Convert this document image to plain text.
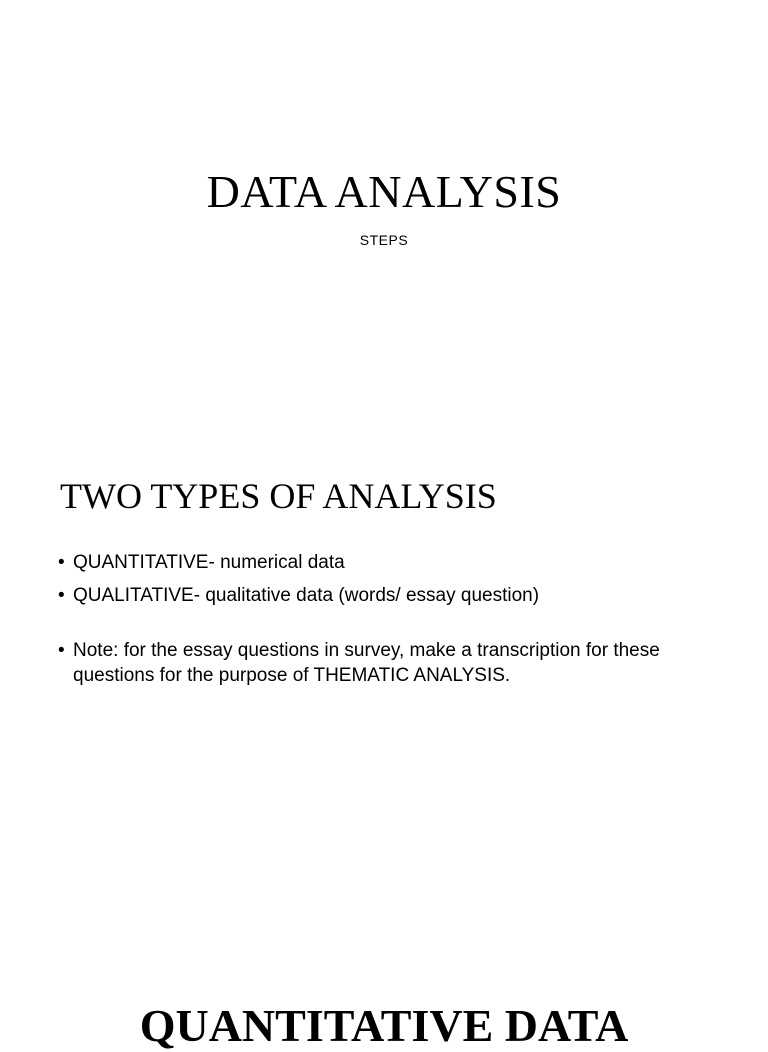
DATA ANALYSIS
STEPS
TWO TYPES OF ANALYSIS
• QUANTITATIVE- numerical data
• QUALITATIVE- qualitative data (words/ essay question)
• Note: for the essay questions in survey, make a transcription for these questions for the purpose of THEMATIC ANALYSIS.
QUANTITATIVE DATA
